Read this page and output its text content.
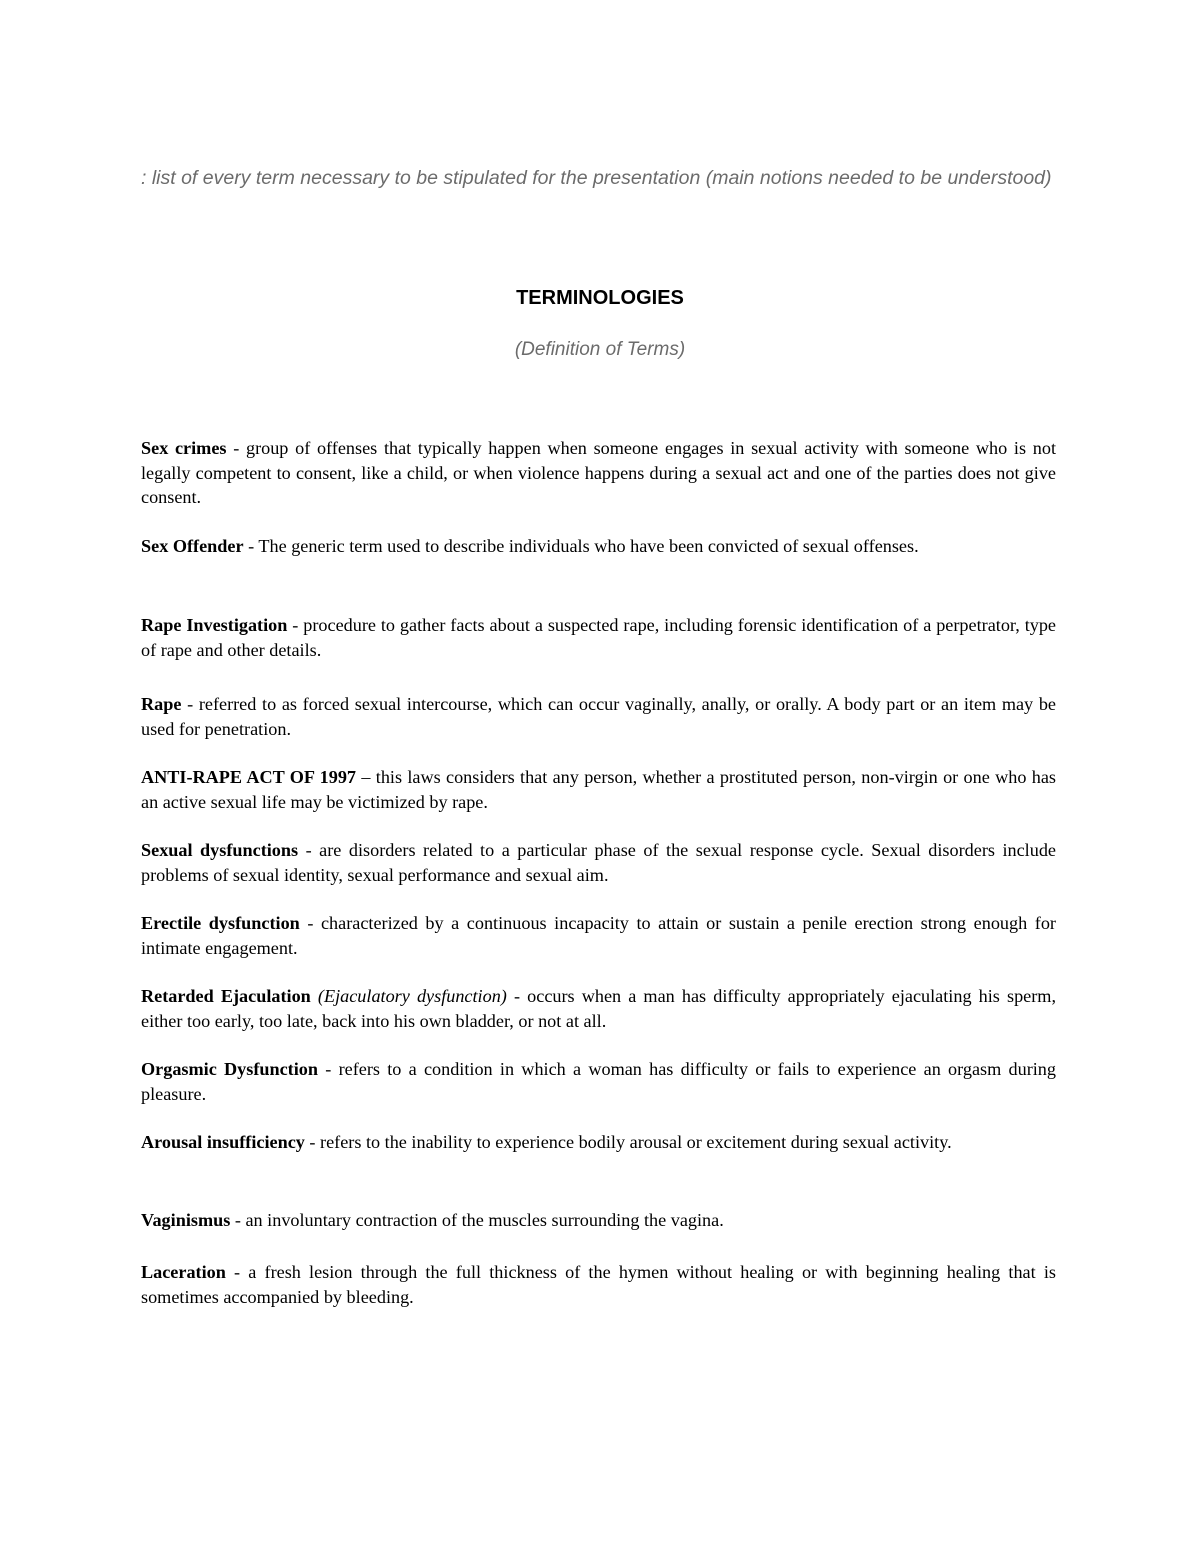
: list of every term necessary to be stipulated for the presentation (main notions needed to be understood)

TERMINOLOGIES

(Definition of Terms)

Sex crimes - group of offenses that typically happen when someone engages in sexual activity with someone who is not legally competent to consent, like a child, or when violence happens during a sexual act and one of the parties does not give consent.

Sex Offender - The generic term used to describe individuals who have been convicted of sexual offenses.

Rape Investigation - procedure to gather facts about a suspected rape, including forensic identification of a perpetrator, type of rape and other details.

Rape - referred to as forced sexual intercourse, which can occur vaginally, anally, or orally. A body part or an item may be used for penetration.

ANTI-RAPE ACT OF 1997 – this laws considers that any person, whether a prostituted person, non-virgin or one who has an active sexual life may be victimized by rape.

Sexual dysfunctions - are disorders related to a particular phase of the sexual response cycle. Sexual disorders include problems of sexual identity, sexual performance and sexual aim.

Erectile dysfunction - characterized by a continuous incapacity to attain or sustain a penile erection strong enough for intimate engagement.

Retarded Ejaculation (Ejaculatory dysfunction) - occurs when a man has difficulty appropriately ejaculating his sperm, either too early, too late, back into his own bladder, or not at all.

Orgasmic Dysfunction - refers to a condition in which a woman has difficulty or fails to experience an orgasm during pleasure.

Arousal insufficiency - refers to the inability to experience bodily arousal or excitement during sexual activity.

Vaginismus - an involuntary contraction of the muscles surrounding the vagina.

Laceration - a fresh lesion through the full thickness of the hymen without healing or with beginning healing that is sometimes accompanied by bleeding.
